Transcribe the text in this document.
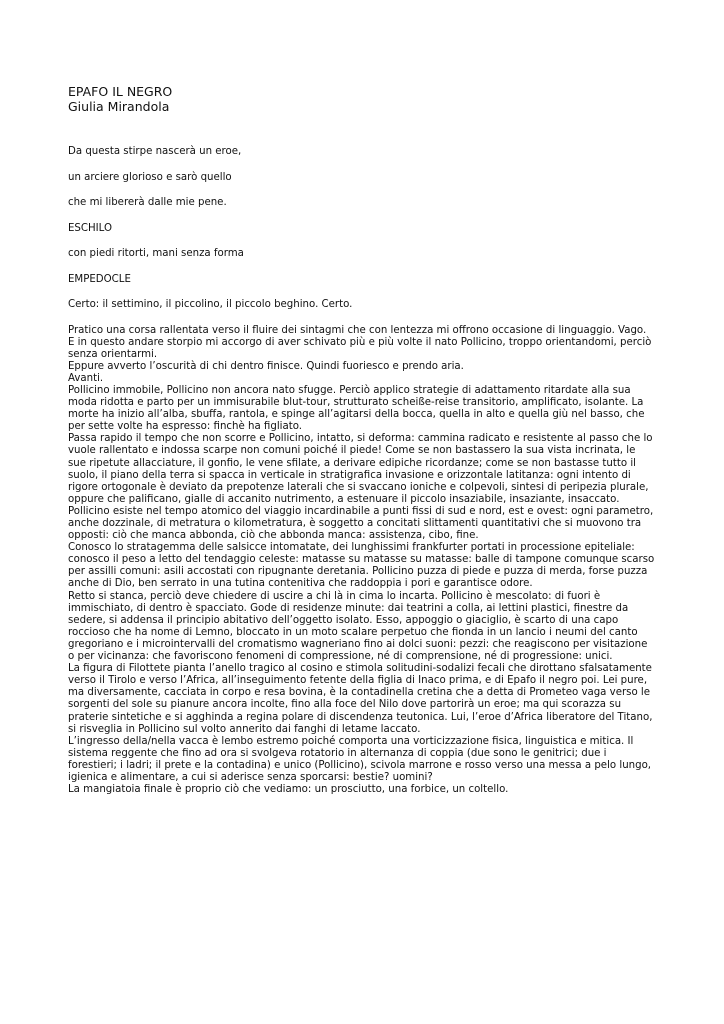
EPAFO IL NEGRO

Giulia Mirandola

Da questa stirpe nascerà un eroe,

un arciere glorioso e sarò quello

che mi libererà dalle mie pene.

ESCHILO

con piedi ritorti, mani senza forma

EMPEDOCLE

Certo: il settimino, il piccolino, il piccolo beghino. Certo.

Pratico una corsa rallentata verso il fluire dei sintagmi che con lentezza mi offrono occasione di linguaggio. Vago.

E in questo andare storpio mi accorgo di aver schivato più e più volte il nato Pollicino, troppo orientandomi, perciò senza orientarmi.

Eppure avverto l’oscurità di chi dentro finisce. Quindi fuoriesco e prendo aria.

Avanti.

Pollicino immobile, Pollicino non ancora nato sfugge. Perciò applico strategie di adattamento ritardate alla sua moda ridotta e parto per un immisurabile blut-tour, strutturato scheiße-reise transitorio, amplificato, isolante. La morte ha inizio all’alba, sbuffa, rantola, e spinge all’agitarsi della bocca, quella in alto e quella giù nel basso, che per sette volte ha espresso: finchè ha figliato.

Passa rapido il tempo che non scorre e Pollicino, intatto, si deforma: cammina radicato e resistente al passo che lo vuole rallentato e indossa scarpe non comuni poiché il piede! Come se non bastassero la sua vista incrinata, le sue ripetute allacciature, il gonfio, le vene sfilate, a derivare edipiche ricordanze; come se non bastasse tutto il suolo, il piano della terra si spacca in verticale in stratigrafica invasione e orizzontale latitanza: ogni intento di rigore ortogonale è deviato da prepotenze laterali che si svaccano ioniche e colpevoli, sintesi di peripezia plurale, oppure che palificano, gialle di accanito nutrimento, a estenuare il piccolo insaziabile, insaziante, insaccato. Pollicino esiste nel tempo atomico del viaggio incardinabile a punti fissi di sud e nord, est e ovest: ogni parametro, anche dozzinale, di metratura o kilometratura, è soggetto a concitati slittamenti quantitativi che si muovono tra opposti: ciò che manca abbonda, ciò che abbonda manca: assistenza, cibo, fine.

Conosco lo stratagemma delle salsicce intomatate, dei lunghissimi frankfurter portati in processione epiteliale: conosco il peso a letto del tendaggio celeste: matasse su matasse su matasse: balle di tampone comunque scarso per assilli comuni: asili accostati con ripugnante deretania. Pollicino puzza di piede e puzza di merda, forse puzza anche di Dio, ben serrato in una tutina contenitiva che raddoppia i pori e garantisce odore.

Retto si stanca, perciò deve chiedere di uscire a chi là in cima lo incarta. Pollicino è mescolato: di fuori è immischiato, di dentro è spacciato. Gode di residenze minute: dai teatrini a colla, ai lettini plastici, finestre da sedere, si addensa il principio abitativo dell’oggetto isolato. Esso, appoggio o giaciglio, è scarto di una capo roccioso che ha nome di Lemno, bloccato in un moto scalare perpetuo che fionda in un lancio i neumi del canto gregoriano e i microintervalli del cromatismo wagneriano fino ai dolci suoni: pezzi: che reagiscono per visitazione o per vicinanza: che favoriscono fenomeni di compressione, né di comprensione, né di progressione: unici.

La figura di Filottete pianta l’anello tragico al cosino e stimola solitudini-sodalizi fecali che dirottano sfalsatamente verso il Tirolo e verso l’Africa, all’inseguimento fetente della figlia di Inaco prima, e di Epafo il negro poi. Lei pure, ma diversamente, cacciata in corpo e resa bovina, è la contadinella cretina che a detta di Prometeo vaga verso le sorgenti del sole su pianure ancora incolte, fino alla foce del Nilo dove partorirà un eroe; ma qui scorazza su praterie sintetiche e si agghinda a regina polare di discendenza teutonica. Lui, l’eroe d’Africa liberatore del Titano, si risveglia in Pollicino sul volto annerito dai fanghi di letame laccato.

L’ingresso della/nella vacca è lembo estremo poiché comporta una vorticizzazione fisica, linguistica e mitica. Il sistema reggente che fino ad ora si svolgeva rotatorio in alternanza di coppia (due sono le genitrici; due i forestieri; i ladri; il prete e la contadina) e unico (Pollicino), scivola marrone e rosso verso una messa a pelo lungo, igienica e alimentare, a cui si aderisce senza sporcarsi: bestie? uomini?

La mangiatoia finale è proprio ciò che vediamo: un prosciutto, una forbice, un coltello.
